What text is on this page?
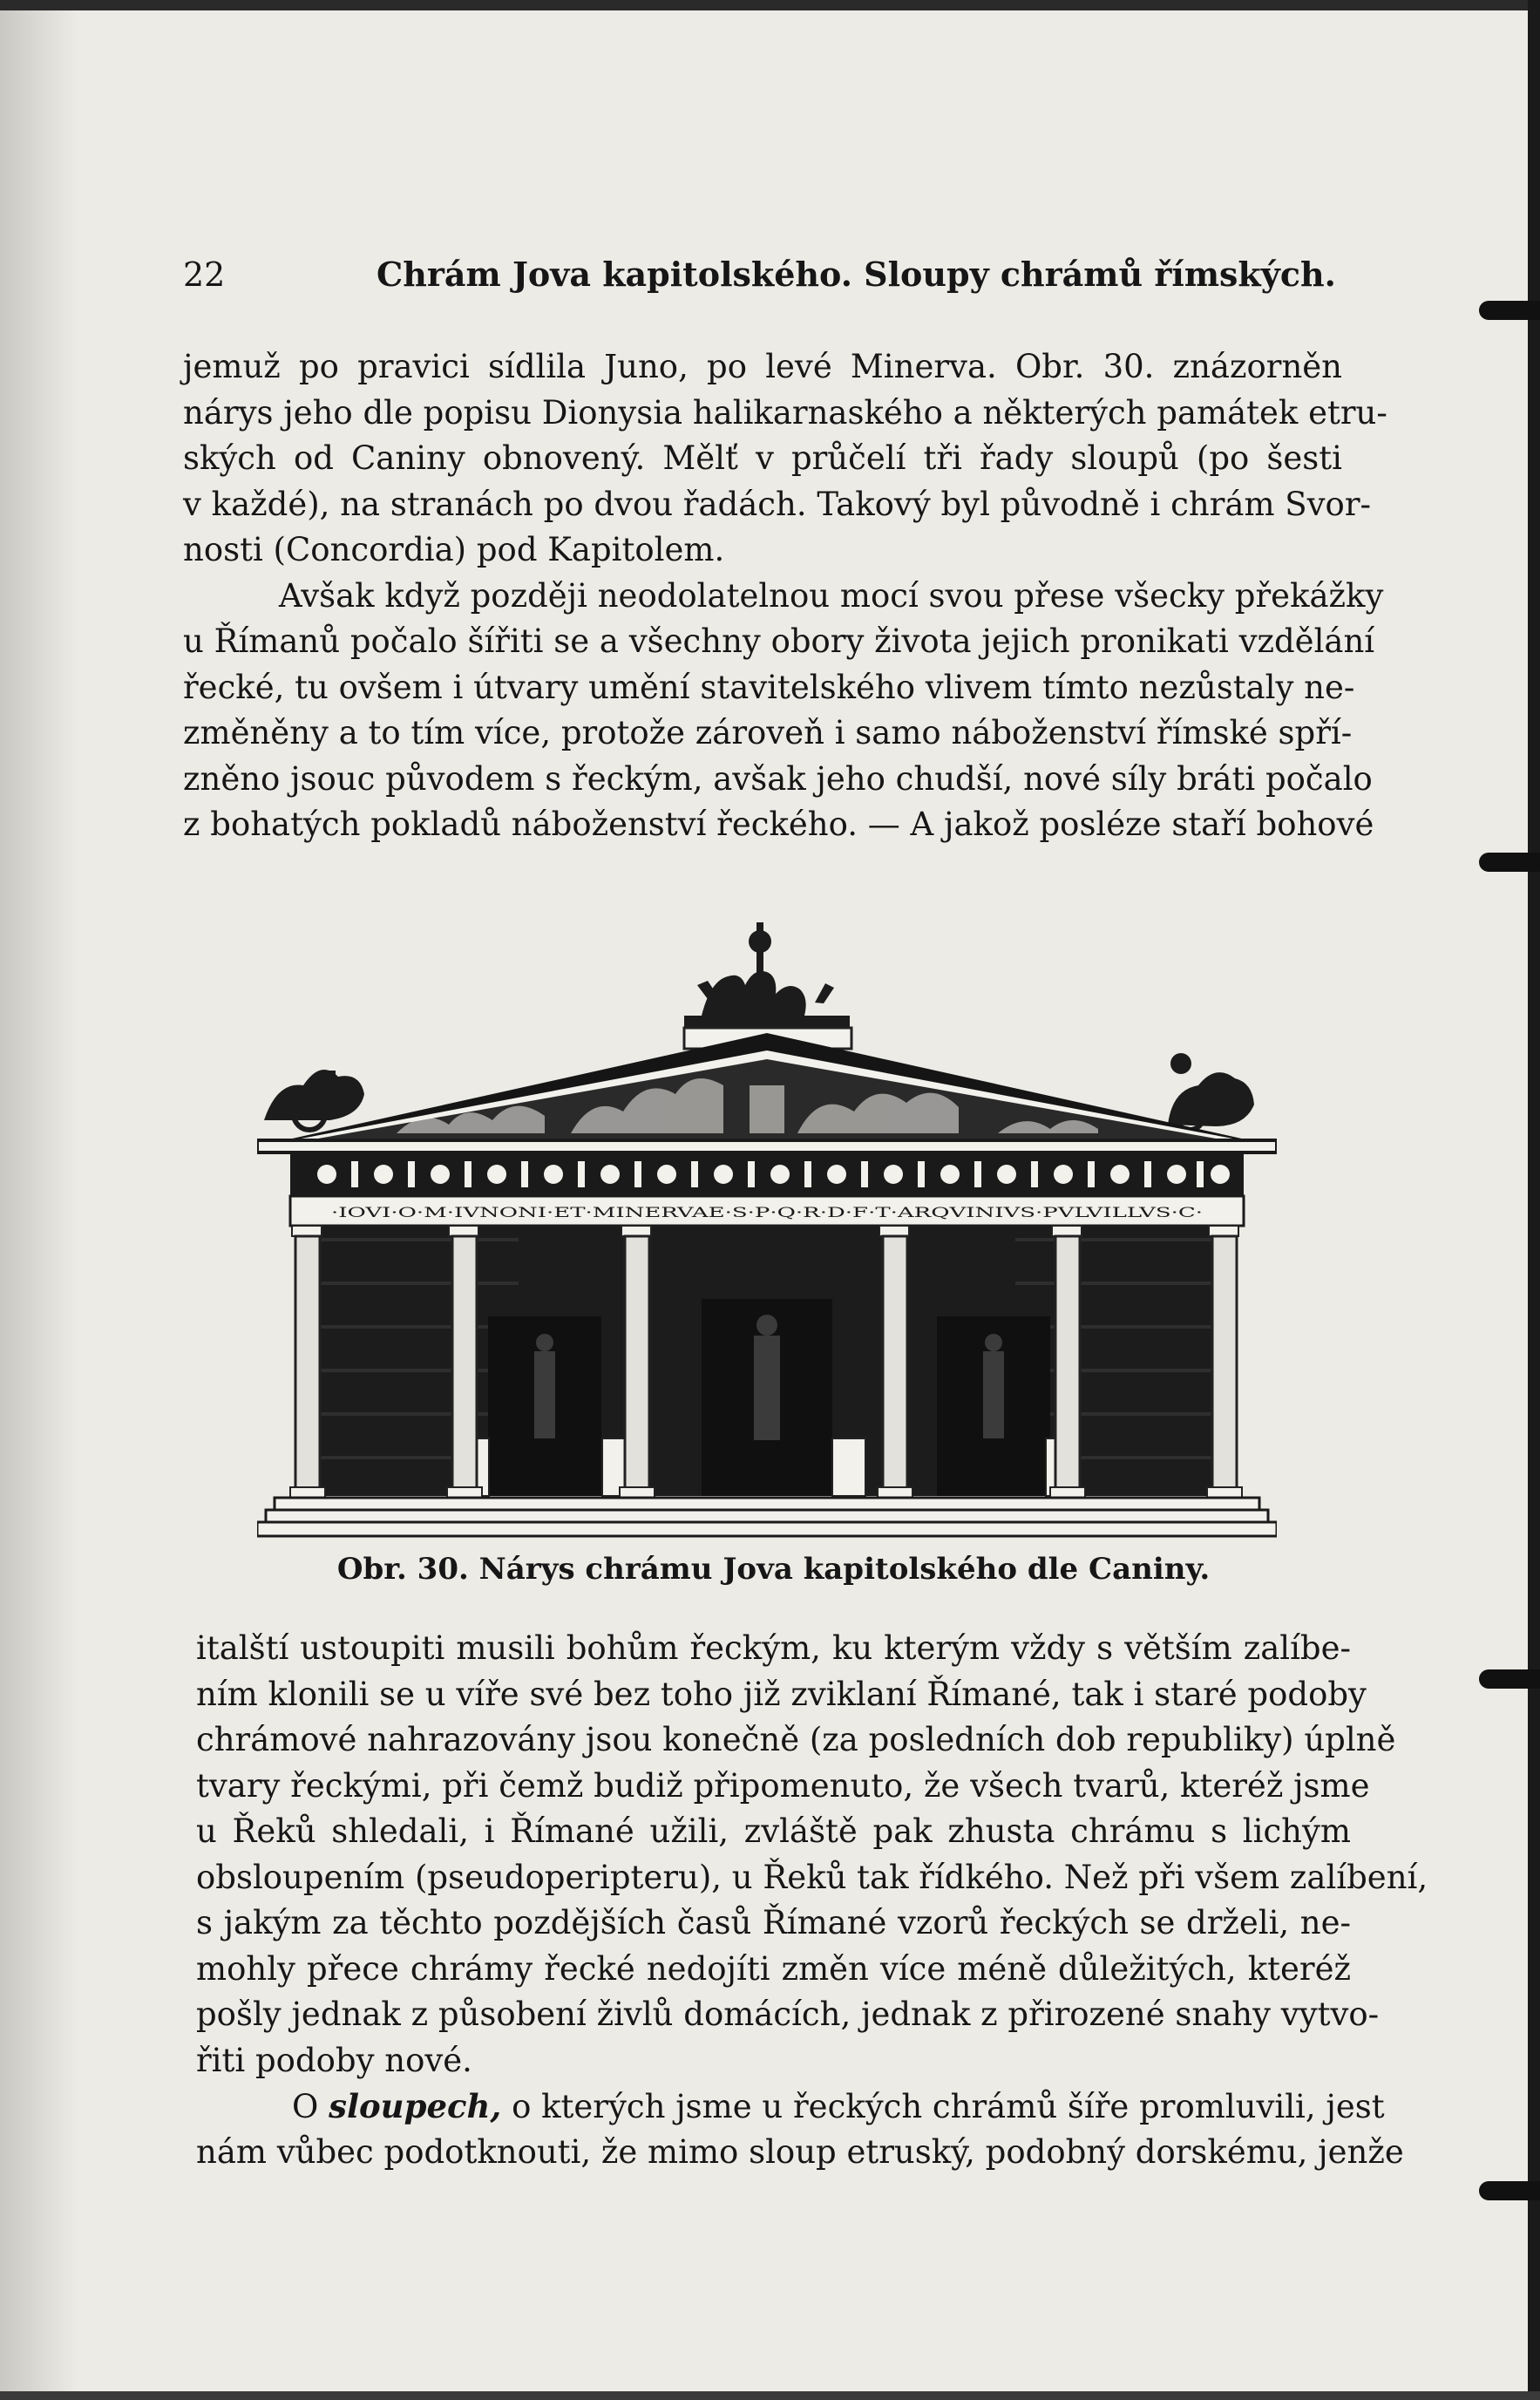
22	Chrám Jova kapitolského. Sloupy chrámů římských.
jemuž po pravici sídlila Juno, po levé Minerva. Obr. 30. znázorněn
nárys jeho dle popisu Dionysia halikarnaského a některých památek etru-
ských od Caniny obnovený. Mělť v průčelí tři řady sloupů (po šesti
v každé), na stranách po dvou řadách. Takový byl původně i chrám Svor-
nosti (Concordia) pod Kapitolem.
Avšak když později neodolatelnou mocí svou přese všecky překážky
u Římanů počalo šířiti se a všechny obory života jejich pronikati vzdělání
řecké, tu ovšem i útvary umění stavitelského vlivem tímto nezůstaly ne-
změněny a to tím více, protože zároveň i samo náboženství římské spří-
zněno jsouc původem s řeckým, avšak jeho chudší, nové síly bráti počalo
z bohatých pokladů náboženství řeckého. — A jakož posléze staří bohové
·IOVI·O·M·IVNONI·ET·MINERVAE·S·P·Q·R·D·F·T·ARQVINIVS·PVLVILLVS·C·
Obr. 30. Nárys chrámu Jova kapitolského dle Caniny.
italští ustoupiti musili bohům řeckým, ku kterým vždy s větším zalíbe-
ním klonili se u víře své bez toho již zviklaní Římané, tak i staré podoby
chrámové nahrazovány jsou konečně (za posledních dob republiky) úplně
tvary řeckými, při čemž budiž připomenuto, že všech tvarů, kteréž jsme
u Řeků shledali, i Římané užili, zvláště pak zhusta chrámu s lichým
obsloupením (pseudoperipteru), u Řeků tak řídkého. Než při všem zalíbení,
s jakým za těchto pozdějších časů Římané vzorů řeckých se drželi, ne-
mohly přece chrámy řecké nedojíti změn více méně důležitých, kteréž
pošly jednak z působení živlů domácích, jednak z přirozené snahy vytvo-
řiti podoby nové.
O sloupech, o kterých jsme u řeckých chrámů šíře promluvili, jest
nám vůbec podotknouti, že mimo sloup etruský, podobný dorskému, jenže
